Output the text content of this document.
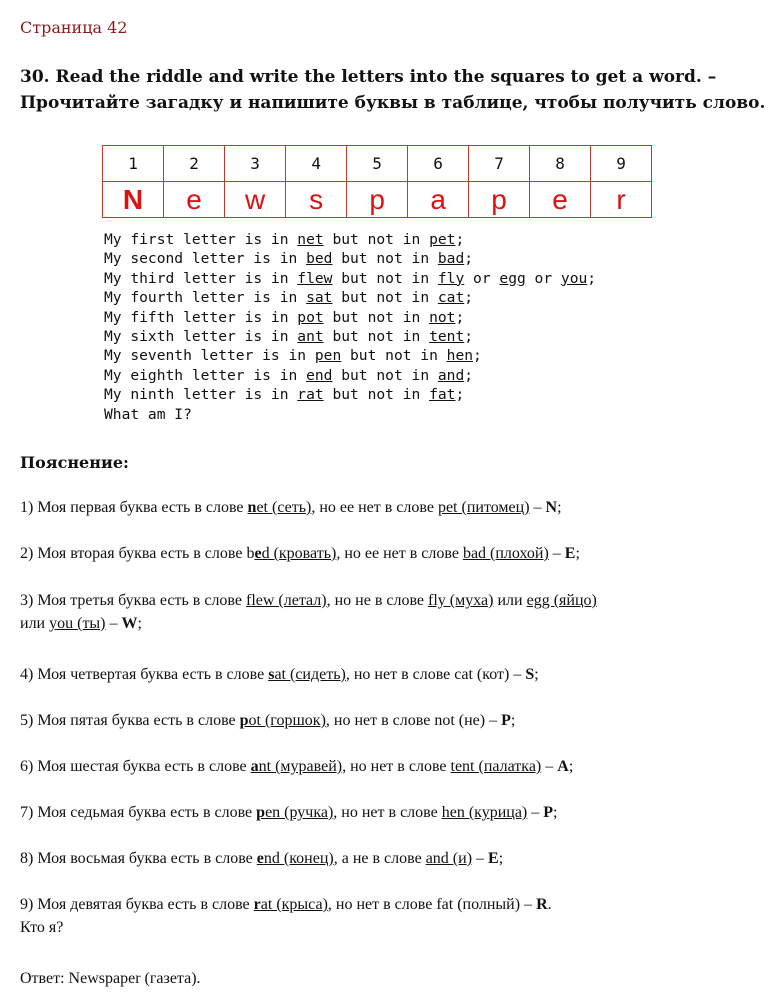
Страница 42
30. Read the riddle and write the letters into the squares to get a word. –
Прочитайте загадку и напишите буквы в таблице, чтобы получить слово.
1	2	3	4	5	6	7	8	9
N	e	w	s	p	a	p	e	r
My first letter is in net but not in pet;
My second letter is in bed but not in bad;
My third letter is in flew but not in fly or egg or you;
My fourth letter is in sat but not in cat;
My fifth letter is in pot but not in not;
My sixth letter is in ant but not in tent;
My seventh letter is in pen but not in hen;
My eighth letter is in end but not in and;
My ninth letter is in rat but not in fat;
What am I?
Пояснение:
1) Моя первая буква есть в слове net (сеть), но ее нет в слове pet (питомец) – N;
2) Моя вторая буква есть в слове bed (кровать), но ее нет в слове bad (плохой) – E;
3) Моя третья буква есть в слове flew (летал), но не в слове fly (муха) или egg (яйцо)
или you (ты) – W;
4) Моя четвертая буква есть в слове sat (сидеть), но нет в слове cat (кот) – S;
5) Моя пятая буква есть в слове pot (горшок), но нет в слове not (не) – P;
6) Моя шестая буква есть в слове ant (муравей), но нет в слове tent (палатка) – A;
7) Моя седьмая буква есть в слове pen (ручка), но нет в слове hen (курица) – P;
8) Моя восьмая буква есть в слове end (конец), а не в слове and (и) – E;
9) Моя девятая буква есть в слове rat (крыса), но нет в слове fat (полный) – R.
Кто я?
Ответ: Newspaper (газета).
